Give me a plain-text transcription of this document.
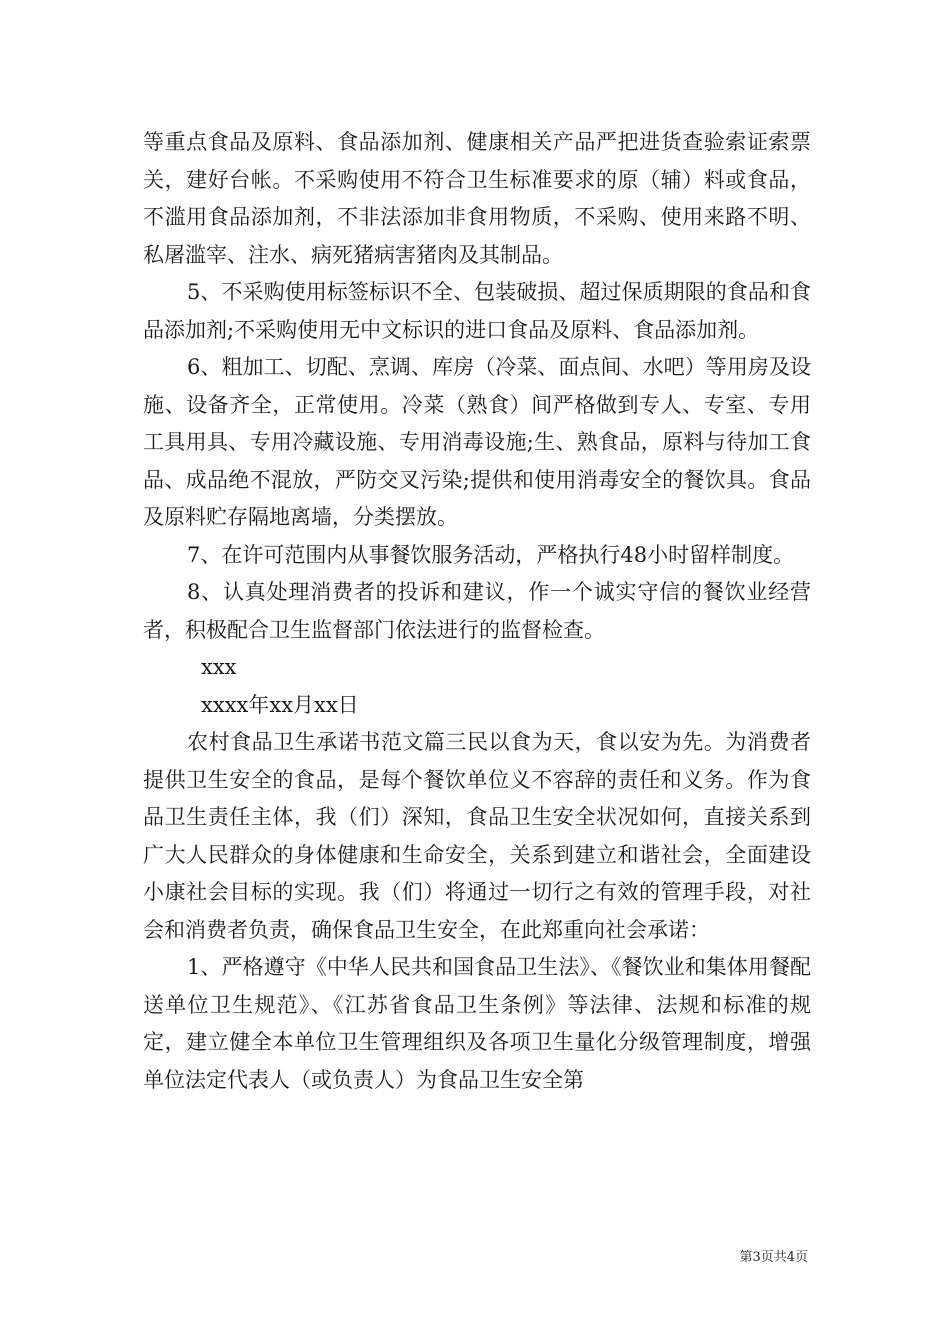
等重点食品及原料、食品添加剂、健康相关产品严把进货查验索证索票关，建好台帐。不采购使用不符合卫生标准要求的原（辅）料或食品，不滥用食品添加剂，不非法添加非食用物质，不采购、使用来路不明、私屠滥宰、注水、病死猪病害猪肉及其制品。

5、不采购使用标签标识不全、包装破损、超过保质期限的食品和食品添加剂;不采购使用无中文标识的进口食品及原料、食品添加剂。

6、粗加工、切配、烹调、库房（冷菜、面点间、水吧）等用房及设施、设备齐全，正常使用。冷菜（熟食）间严格做到专人、专室、专用工具用具、专用冷藏设施、专用消毒设施;生、熟食品，原料与待加工食品、成品绝不混放，严防交叉污染;提供和使用消毒安全的餐饮具。食品及原料贮存隔地离墙，分类摆放。

7、在许可范围内从事餐饮服务活动，严格执行48小时留样制度。

8、认真处理消费者的投诉和建议，作一个诚实守信的餐饮业经营者，积极配合卫生监督部门依法进行的监督检查。

xxx

xxxx年xx月xx日

农村食品卫生承诺书范文篇三民以食为天，食以安为先。为消费者提供卫生安全的食品，是每个餐饮单位义不容辞的责任和义务。作为食品卫生责任主体，我（们）深知，食品卫生安全状况如何，直接关系到广大人民群众的身体健康和生命安全，关系到建立和谐社会，全面建设小康社会目标的实现。我（们）将通过一切行之有效的管理手段，对社会和消费者负责，确保食品卫生安全，在此郑重向社会承诺：

1、严格遵守《中华人民共和国食品卫生法》、《餐饮业和集体用餐配送单位卫生规范》、《江苏省食品卫生条例》等法律、法规和标准的规定，建立健全本单位卫生管理组织及各项卫生量化分级管理制度，增强单位法定代表人（或负责人）为食品卫生安全第

第3页共4页
